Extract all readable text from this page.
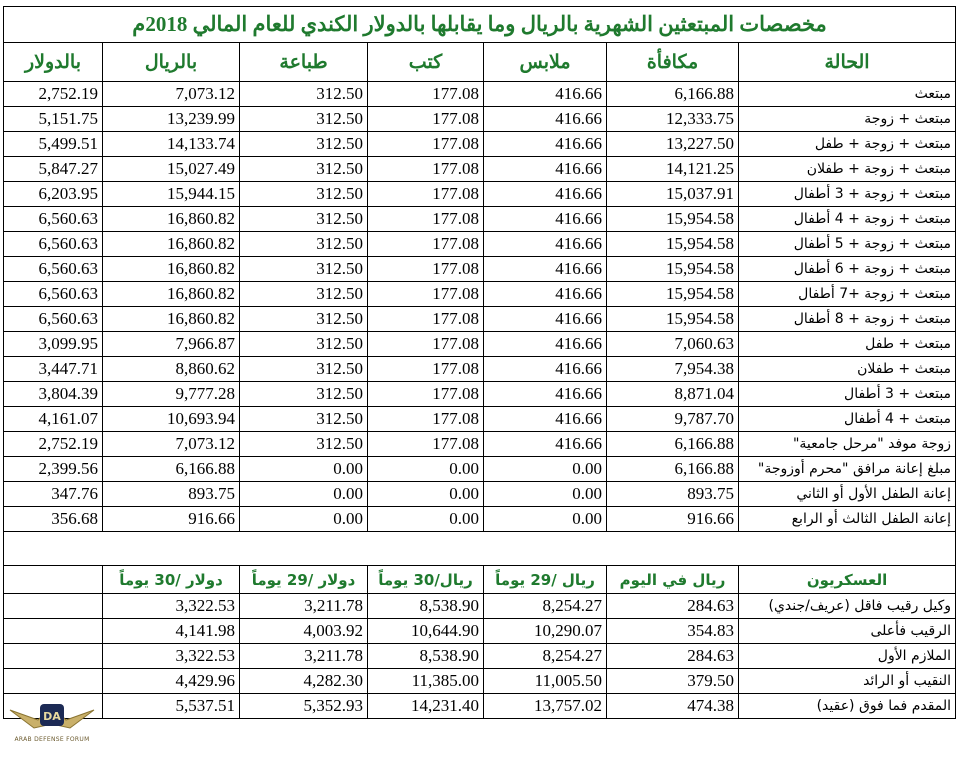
مخصصات المبتعثين الشهرية بالريال وما يقابلها بالدولار الكندي للعام المالي 2018م						
بالدولار	بالريال	طباعة	كتب	ملابس	مكافأة	الحالة
2,752.19	7,073.12	312.50	177.08	416.66	6,166.88	مبتعث
5,151.75	13,239.99	312.50	177.08	416.66	12,333.75	مبتعث + زوجة
5,499.51	14,133.74	312.50	177.08	416.66	13,227.50	مبتعث + زوجة + طفل
5,847.27	15,027.49	312.50	177.08	416.66	14,121.25	مبتعث + زوجة + طفلان
6,203.95	15,944.15	312.50	177.08	416.66	15,037.91	مبتعث + زوجة + 3 أطفال
6,560.63	16,860.82	312.50	177.08	416.66	15,954.58	مبتعث + زوجة + 4 أطفال
6,560.63	16,860.82	312.50	177.08	416.66	15,954.58	مبتعث + زوجة + 5 أطفال
6,560.63	16,860.82	312.50	177.08	416.66	15,954.58	مبتعث + زوجة + 6 أطفال
6,560.63	16,860.82	312.50	177.08	416.66	15,954.58	مبتعث + زوجة +7 أطفال
6,560.63	16,860.82	312.50	177.08	416.66	15,954.58	مبتعث + زوجة + 8 أطفال
3,099.95	7,966.87	312.50	177.08	416.66	7,060.63	مبتعث + طفل
3,447.71	8,860.62	312.50	177.08	416.66	7,954.38	مبتعث + طفلان
3,804.39	9,777.28	312.50	177.08	416.66	8,871.04	مبتعث + 3 أطفال
4,161.07	10,693.94	312.50	177.08	416.66	9,787.70	مبتعث + 4 أطفال
2,752.19	7,073.12	312.50	177.08	416.66	6,166.88	زوجة موفد "مرحل جامعية"
2,399.56	6,166.88	0.00	0.00	0.00	6,166.88	مبلغ إعانة مرافق "محرم أوزوجة"
347.76	893.75	0.00	0.00	0.00	893.75	إعانة الطفل الأول أو الثاني
356.68	916.66	0.00	0.00	0.00	916.66	إعانة الطفل الثالث أو الرابع

	دولار /30 يوماً	دولار /29 يوماً	ريال/30 يوماً	ريال /29 يوماً	ريال في اليوم	العسكريون
	3,322.53	3,211.78	8,538.90	8,254.27	284.63	وكيل رقيب فاقل (عريف/جندي)
	4,141.98	4,003.92	10,644.90	10,290.07	354.83	الرقيب فأعلى
	3,322.53	3,211.78	8,538.90	8,254.27	284.63	الملازم الأول
	4,429.96	4,282.30	11,385.00	11,005.50	379.50	النقيب أو الرائد
	5,537.51	5,352.93	14,231.40	13,757.02	474.38	المقدم فما فوق (عقيد)
DA
ARAB DEFENSE FORUM
